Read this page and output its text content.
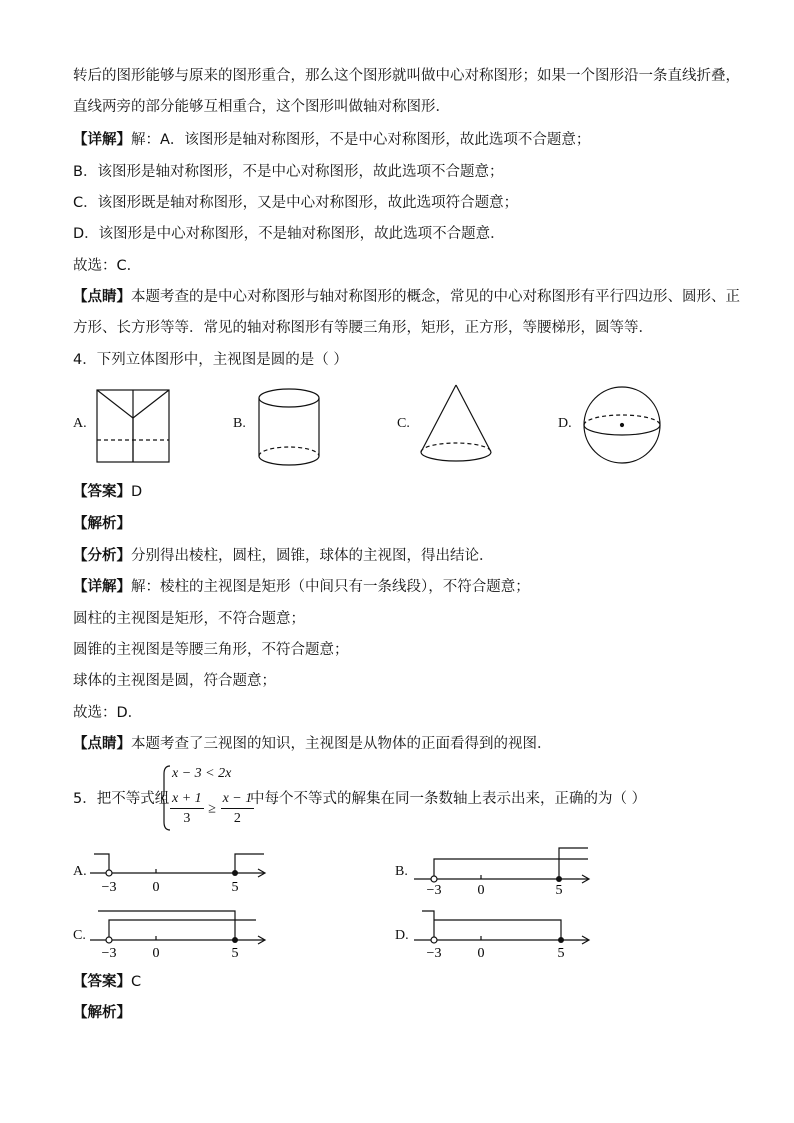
转后的图形能够与原来的图形重合，那么这个图形就叫做中心对称图形；如果一个图形沿一条直线折叠，
直线两旁的部分能够互相重合，这个图形叫做轴对称图形．
【详解】解：A．该图形是轴对称图形，不是中心对称图形，故此选项不合题意；
B．该图形是轴对称图形，不是中心对称图形，故此选项不合题意；
C．该图形既是轴对称图形，又是中心对称图形，故此选项符合题意；
D．该图形是中心对称图形，不是轴对称图形，故此选项不合题意．
故选：C．
【点睛】本题考查的是中心对称图形与轴对称图形的概念，常见的中心对称图形有平行四边形、圆形、正
方形、长方形等等．常见的轴对称图形有等腰三角形，矩形，正方形，等腰梯形，圆等等．
4．下列立体图形中，主视图是圆的是（ ）
A.	B.	C.	D.
【答案】D
【解析】
【分析】分别得出棱柱，圆柱，圆锥，球体的主视图，得出结论．
【详解】解：棱柱的主视图是矩形（中间只有一条线段），不符合题意；
圆柱的主视图是矩形，不符合题意；
圆锥的主视图是等腰三角形，不符合题意；
球体的主视图是圆，符合题意；
故选：D．
【点睛】本题考查了三视图的知识，主视图是从物体的正面看得到的视图．
5．把不等式组
x − 3 < 2x
$\frac{x + 1}{3} \ge \frac{x - 1}{2}$
中每个不等式的解集在同一条数轴上表示出来，正确的为（ ）
A.	B.
C.	D.
−3	0	5	−3	0	5
−3	0	5	−3	0	5
【答案】C
【解析】
